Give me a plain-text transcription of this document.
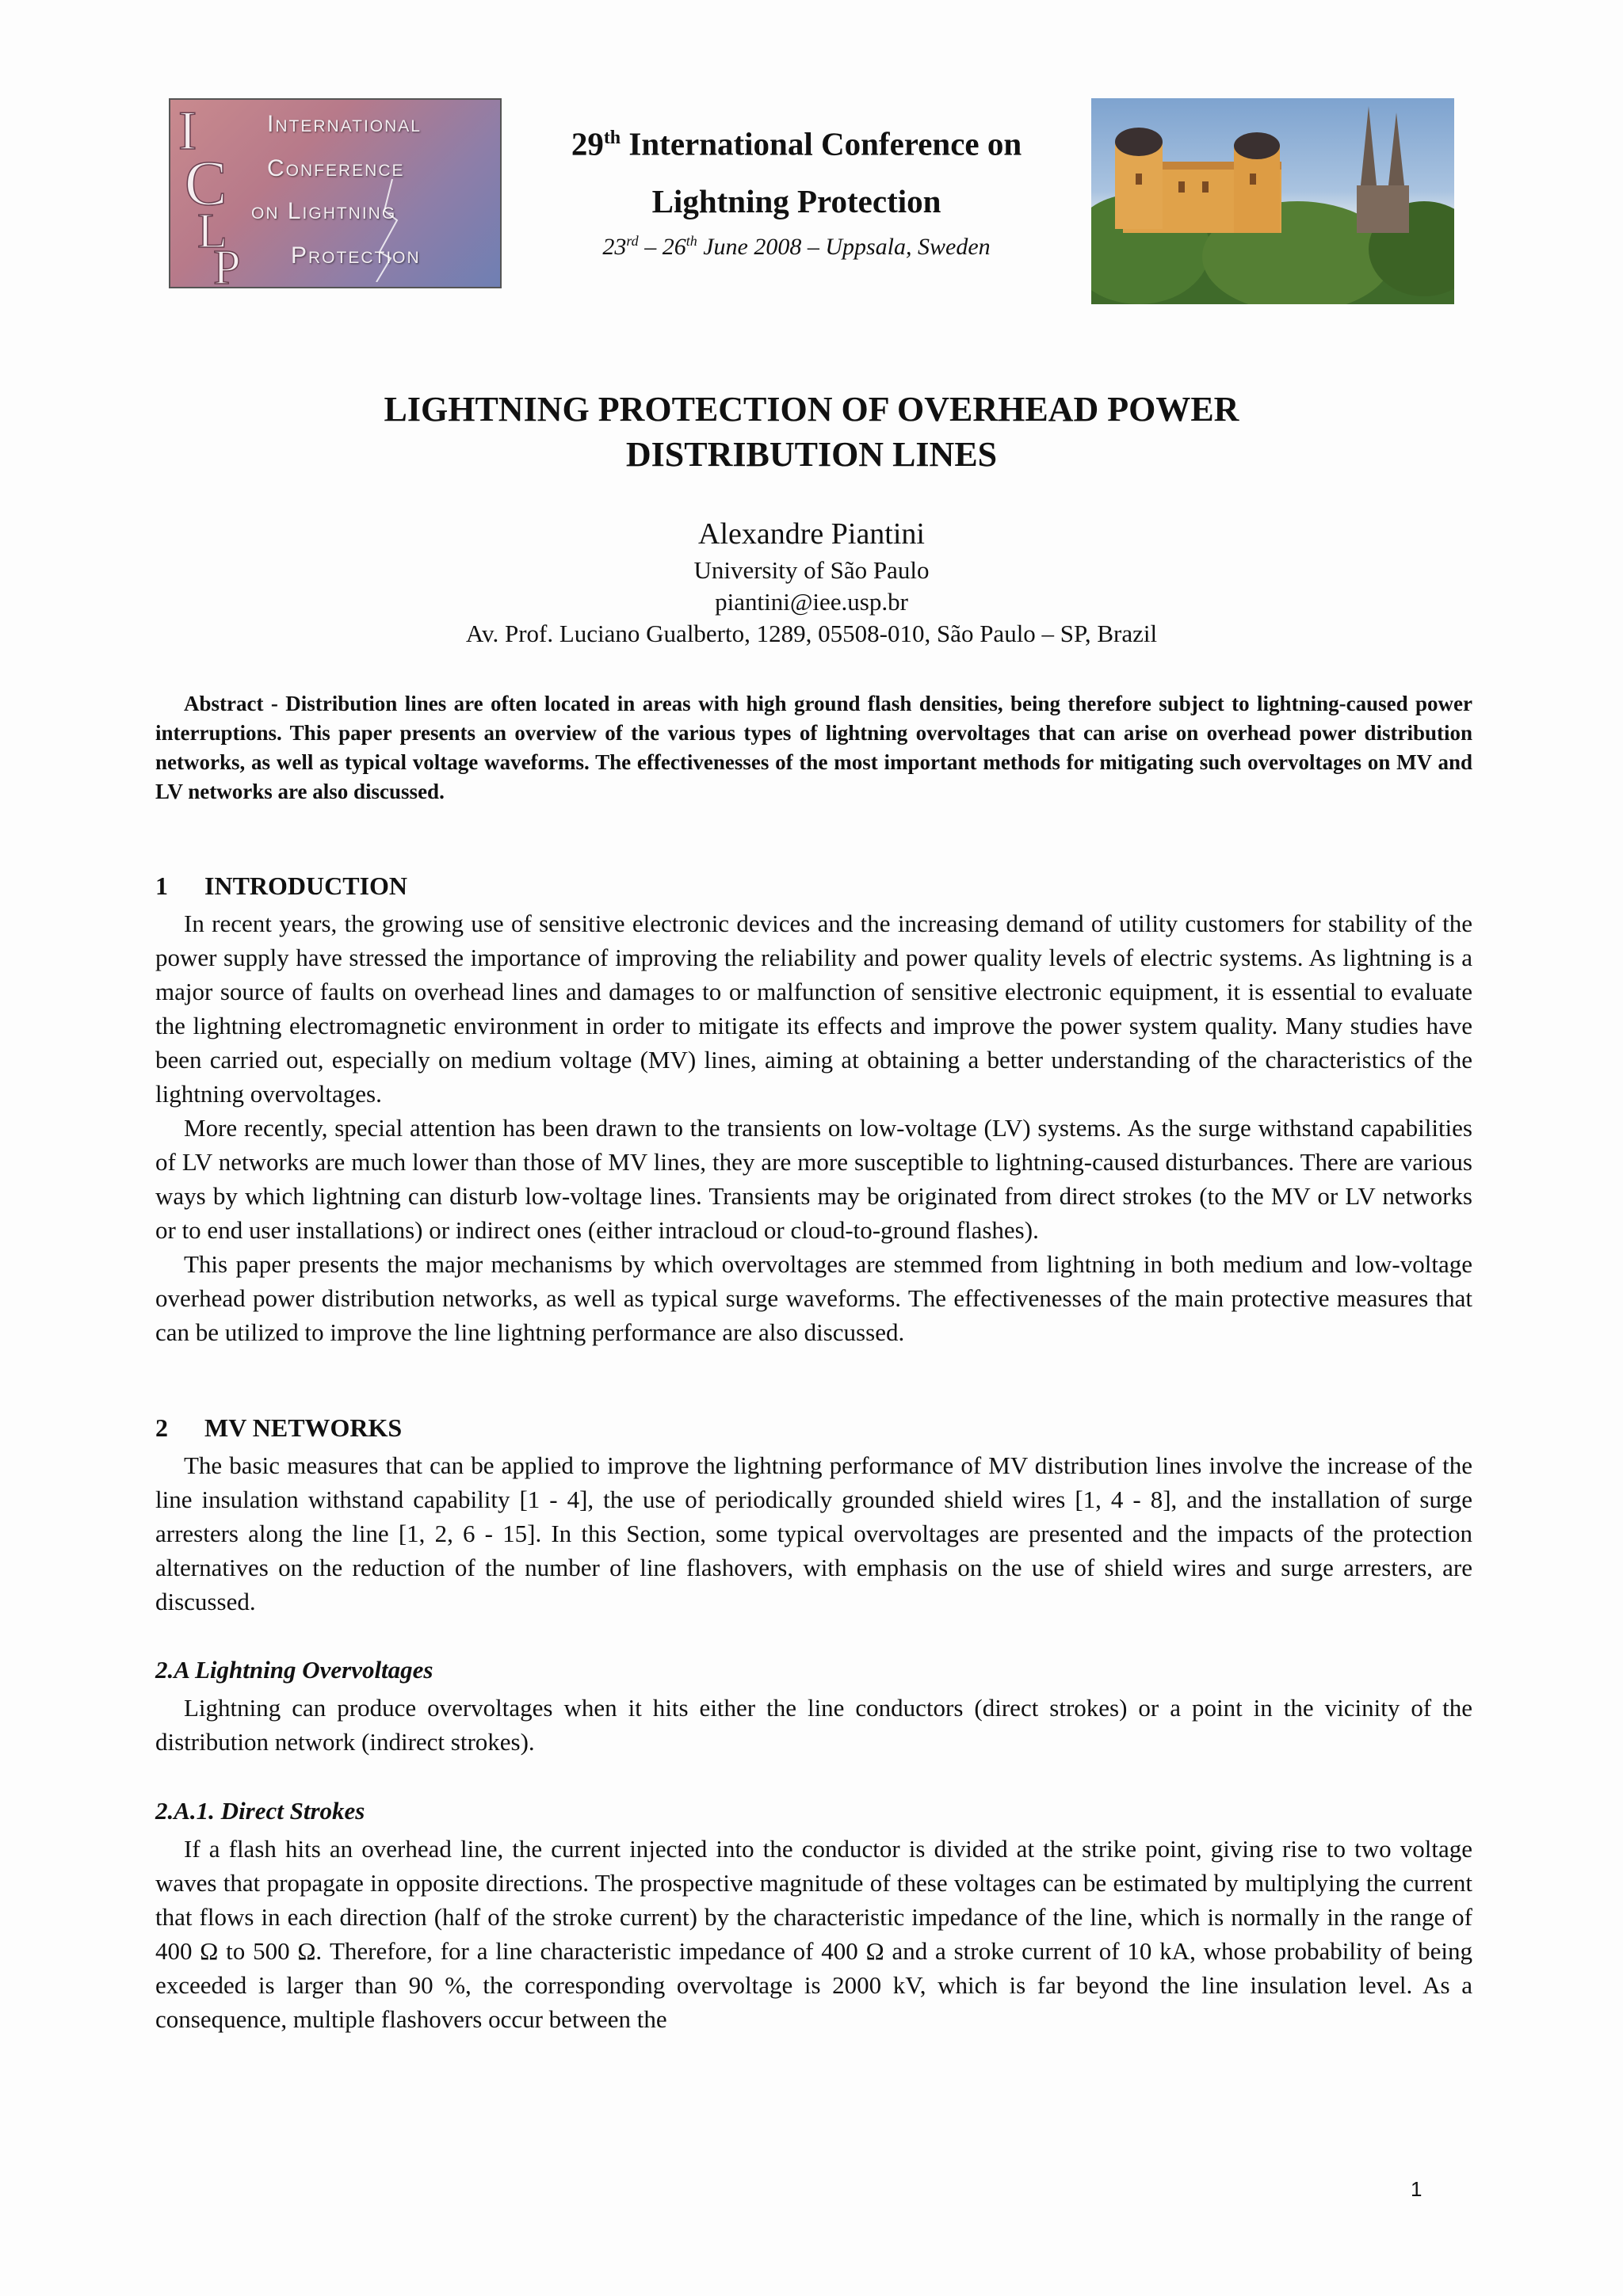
I
C
L
P
International
Conference
on Lightning
Protection
29th International Conference on
Lightning Protection
23rd – 26th June 2008 – Uppsala, Sweden
LIGHTNING PROTECTION OF OVERHEAD POWER
DISTRIBUTION LINES
Alexandre Piantini
University of São Paulo
piantini@iee.usp.br
Av. Prof. Luciano Gualberto, 1289, 05508-010, São Paulo – SP, Brazil
Abstract - Distribution lines are often located in areas with high ground flash densities, being therefore subject to lightning-caused power interruptions. This paper presents an overview of the various types of lightning overvoltages that can arise on overhead power distribution networks, as well as typical voltage waveforms. The effectivenesses of the most important methods for mitigating such overvoltages on MV and LV networks are also discussed.
1 INTRODUCTION

In recent years, the growing use of sensitive electronic devices and the increasing demand of utility customers for stability of the power supply have stressed the importance of improving the reliability and power quality levels of electric systems. As lightning is a major source of faults on overhead lines and damages to or malfunction of sensitive electronic equipment, it is essential to evaluate the lightning electromagnetic environment in order to mitigate its effects and improve the power system quality. Many studies have been carried out, especially on medium voltage (MV) lines, aiming at obtaining a better understanding of the characteristics of the lightning overvoltages.

More recently, special attention has been drawn to the transients on low-voltage (LV) systems. As the surge withstand capabilities of LV networks are much lower than those of MV lines, they are more susceptible to lightning-caused disturbances. There are various ways by which lightning can disturb low-voltage lines. Transients may be originated from direct strokes (to the MV or LV networks or to end user installations) or indirect ones (either intracloud or cloud-to-ground flashes).

This paper presents the major mechanisms by which overvoltages are stemmed from lightning in both medium and low-voltage overhead power distribution networks, as well as typical surge waveforms. The effectivenesses of the main protective measures that can be utilized to improve the line lightning performance are also discussed.

2 MV NETWORKS

The basic measures that can be applied to improve the lightning performance of MV distribution lines involve the increase of the line insulation withstand capability [1 - 4], the use of periodically grounded shield wires [1, 4 - 8], and the installation of surge arresters along the line [1, 2, 6 - 15]. In this Section, some typical overvoltages are presented and the impacts of the protection alternatives on the reduction of the number of line flashovers, with emphasis on the use of shield wires and surge arresters, are discussed.

2.A Lightning Overvoltages

Lightning can produce overvoltages when it hits either the line conductors (direct strokes) or a point in the vicinity of the distribution network (indirect strokes).

2.A.1. Direct Strokes

If a flash hits an overhead line, the current injected into the conductor is divided at the strike point, giving rise to two voltage waves that propagate in opposite directions. The prospective magnitude of these voltages can be estimated by multiplying the current that flows in each direction (half of the stroke current) by the characteristic impedance of the line, which is normally in the range of 400 Ω to 500 Ω. Therefore, for a line characteristic impedance of 400 Ω and a stroke current of 10 kA, whose probability of being exceeded is larger than 90 %, the corresponding overvoltage is 2000 kV, which is far beyond the line insulation level. As a consequence, multiple flashovers occur between the

1
